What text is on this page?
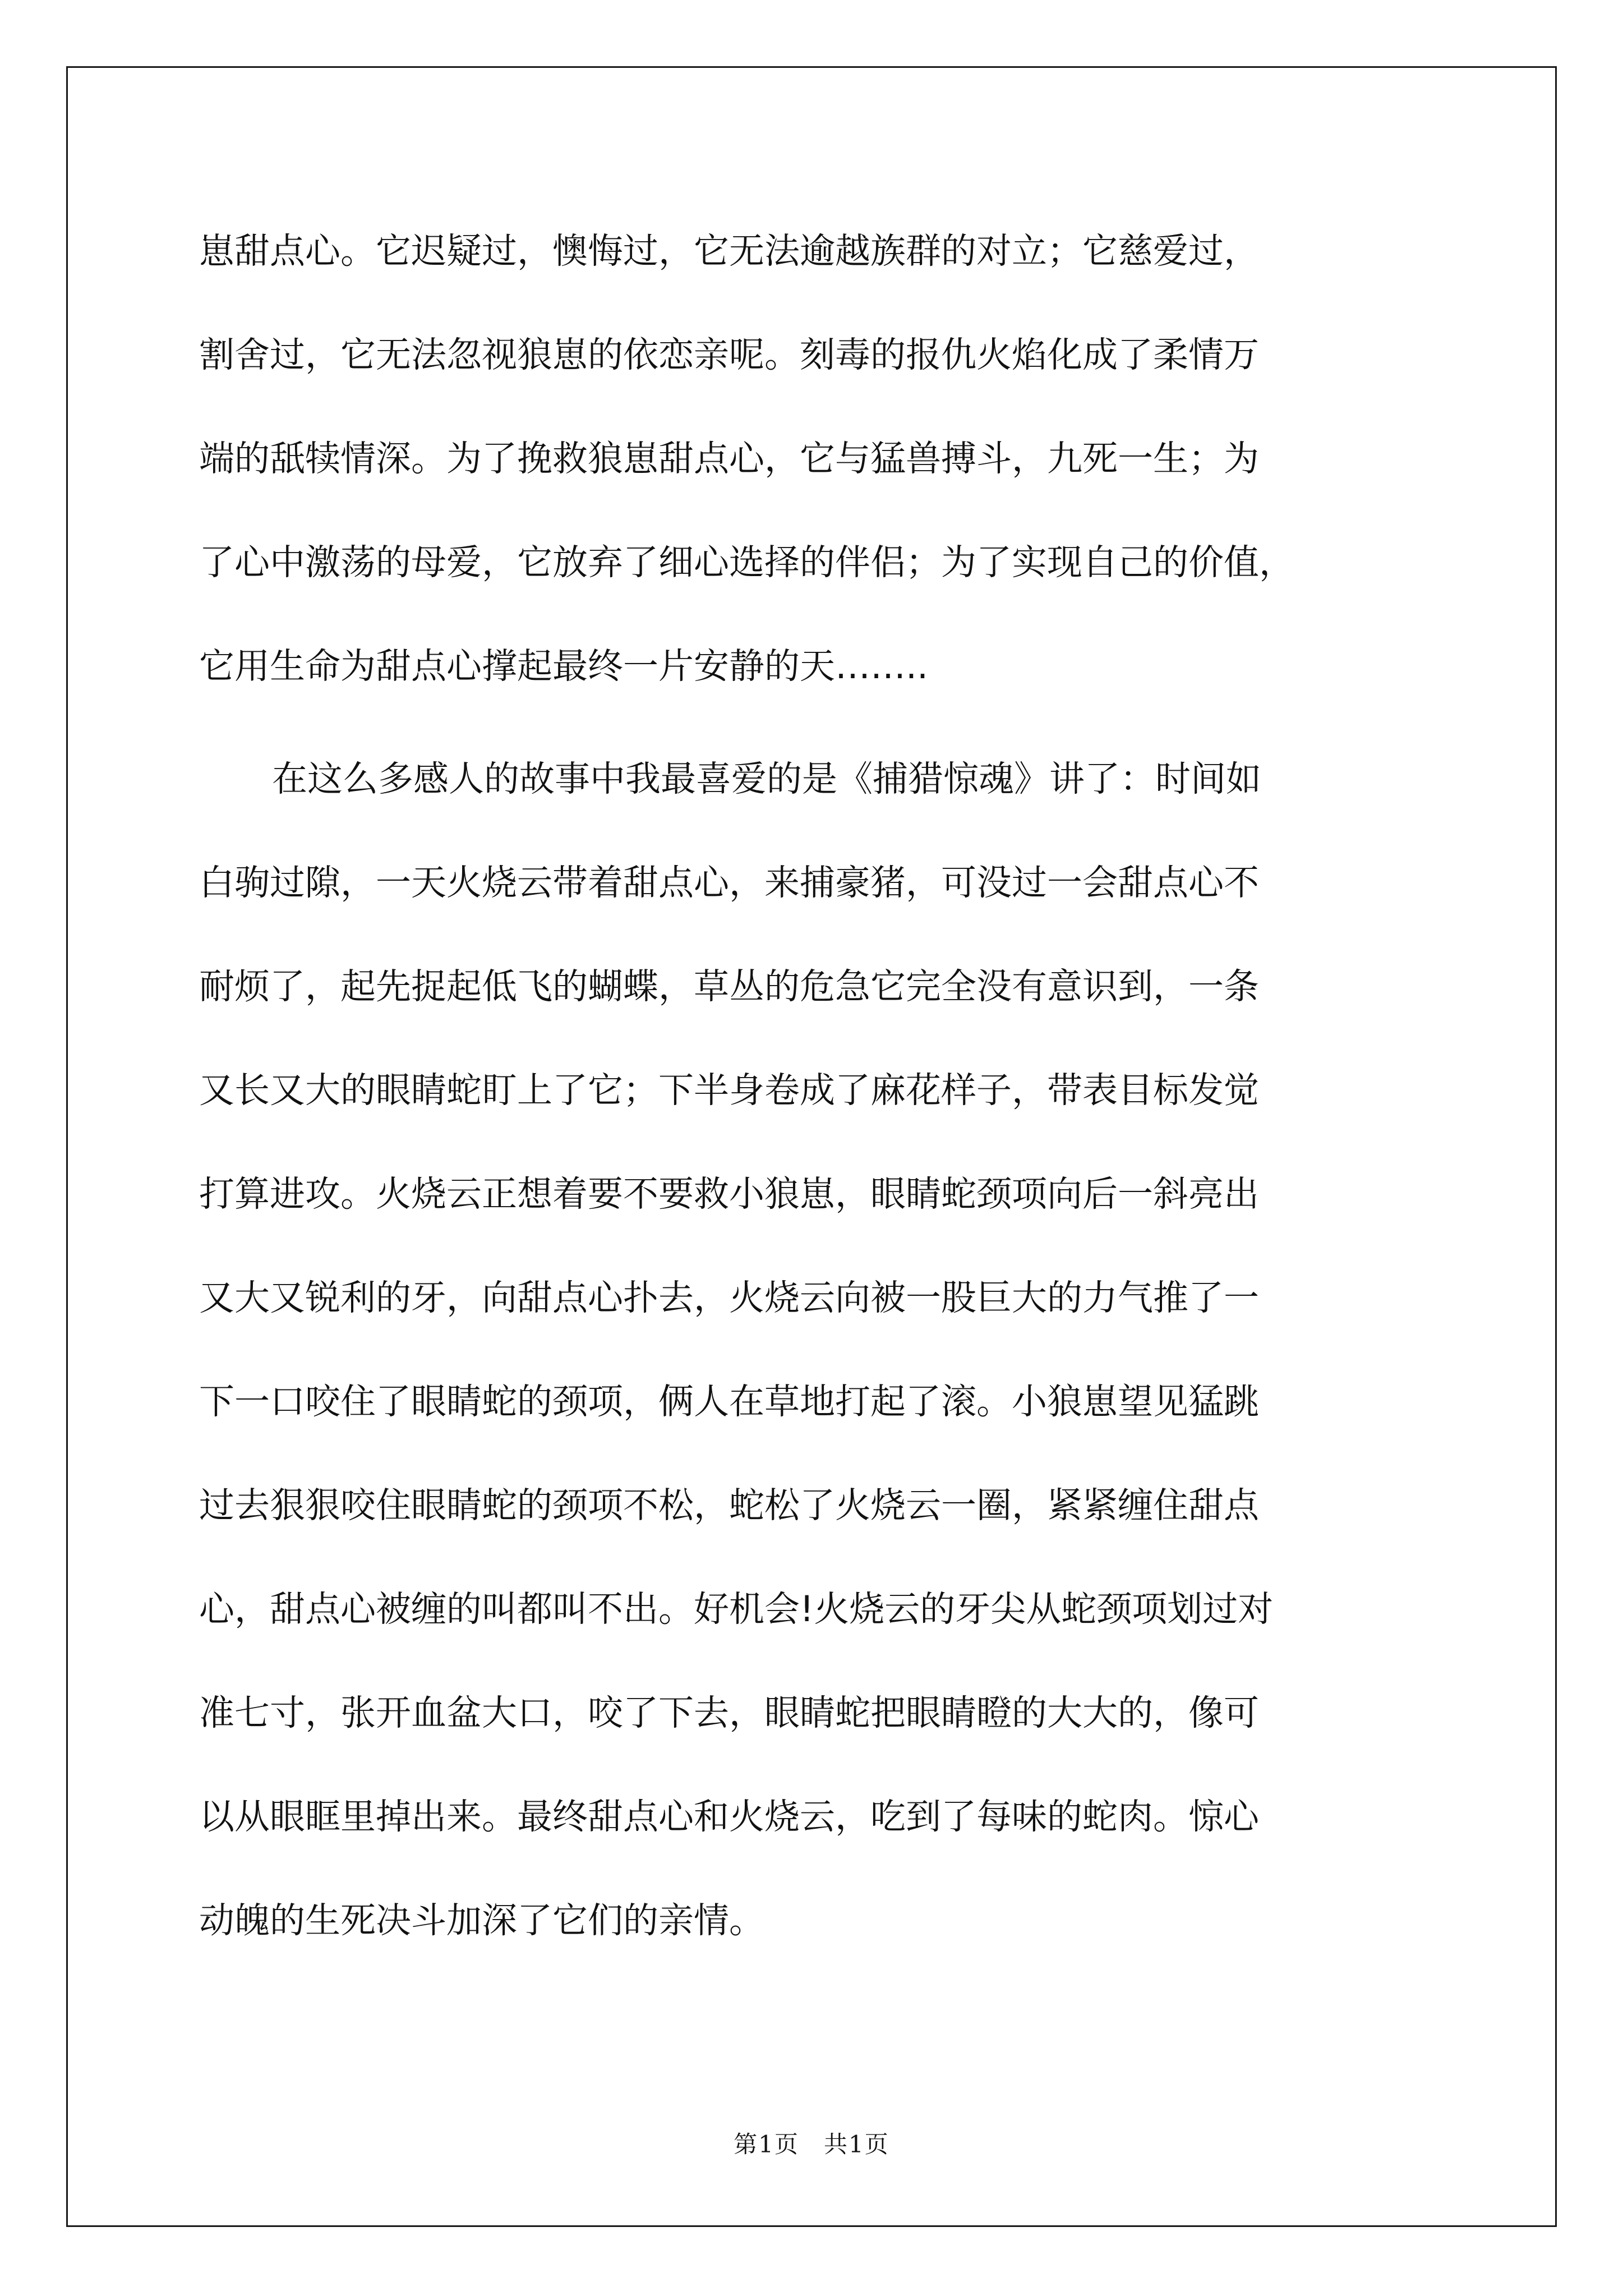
崽甜点心。它迟疑过，懊悔过，它无法逾越族群的对立；它慈爱过，
割舍过，它无法忽视狼崽的依恋亲呢。刻毒的报仇火焰化成了柔情万
端的舐犊情深。为了挽救狼崽甜点心，它与猛兽搏斗，九死一生；为
了心中激荡的母爱，它放弃了细心选择的伴侣；为了实现自己的价值，
它用生命为甜点心撑起最终一片安静的天……..
在这么多感人的故事中我最喜爱的是《捕猎惊魂》讲了：时间如
白驹过隙，一天火烧云带着甜点心，来捕豪猪，可没过一会甜点心不
耐烦了，起先捉起低飞的蝴蝶，草丛的危急它完全没有意识到，一条
又长又大的眼睛蛇盯上了它；下半身卷成了麻花样子，带表目标发觉
打算进攻。火烧云正想着要不要救小狼崽，眼睛蛇颈项向后一斜亮出
又大又锐利的牙，向甜点心扑去，火烧云向被一股巨大的力气推了一
下一口咬住了眼睛蛇的颈项，俩人在草地打起了滚。小狼崽望见猛跳
过去狠狠咬住眼睛蛇的颈项不松，蛇松了火烧云一圈，紧紧缠住甜点
心，甜点心被缠的叫都叫不出。好机会!火烧云的牙尖从蛇颈项划过对
准七寸，张开血盆大口，咬了下去，眼睛蛇把眼睛瞪的大大的，像可
以从眼眶里掉出来。最终甜点心和火烧云，吃到了每味的蛇肉。惊心
动魄的生死决斗加深了它们的亲情。
第1页　共1页
